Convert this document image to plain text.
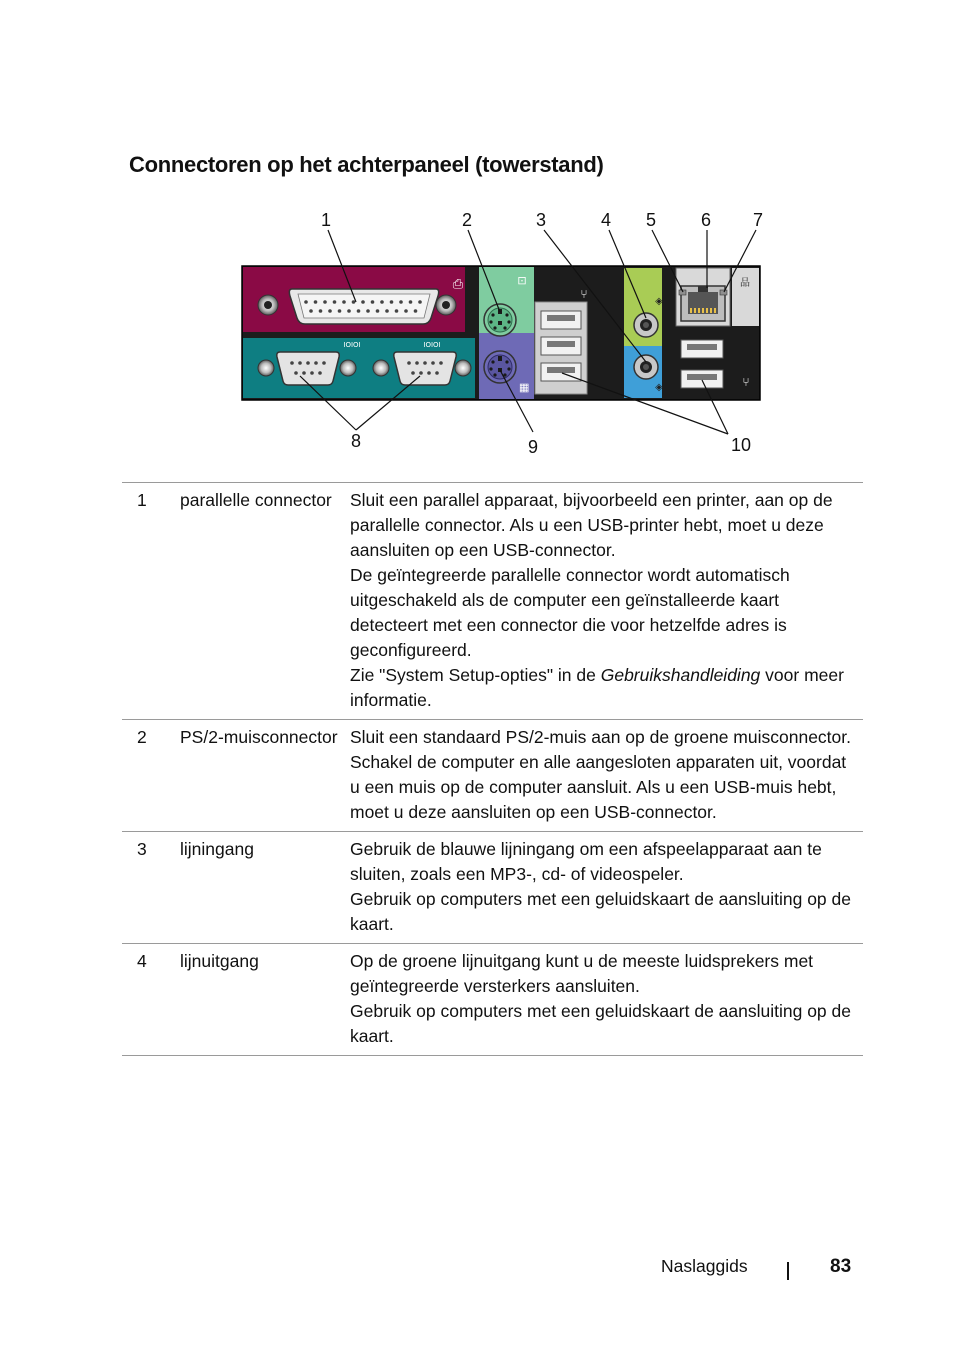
Connectoren op het achterpaneel (towerstand)
⎙
IOIOI	IOIOI
⊡
▦
⑂
◈
◈
品
⑂
1	2	3	4 5 6 7
8	9	10
1	parallelle connector	Sluit een parallel apparaat, bijvoorbeeld een printer, aan op de parallelle connector. Als u een USB-printer hebt, moet u deze aansluiten op een USB-connector.

De geïntegreerde parallelle connector wordt automatisch uitgeschakeld als de computer een geïnstalleerde kaart detecteert met een connector die voor hetzelfde adres is geconfigureerd.

Zie "System Setup-opties" in de Gebruikshandleiding voor meer informatie.

2	PS/2-muisconnector	Sluit een standaard PS/2-muis aan op de groene muisconnector. Schakel de computer en alle aangesloten apparaten uit, voordat u een muis op de computer aansluit. Als u een USB-muis hebt, moet u deze aansluiten op een USB-connector.

3	lijningang	Gebruik de blauwe lijningang om een afspeelapparaat aan te sluiten, zoals een MP3-, cd- of videospeler.

Gebruik op computers met een geluidskaart de aansluiting op de kaart.

4	lijnuitgang	Op de groene lijnuitgang kunt u de meeste luidsprekers met geïntegreerde versterkers aansluiten.

Gebruik op computers met een geluidskaart de aansluiting op de kaart.

Naslaggids	83
